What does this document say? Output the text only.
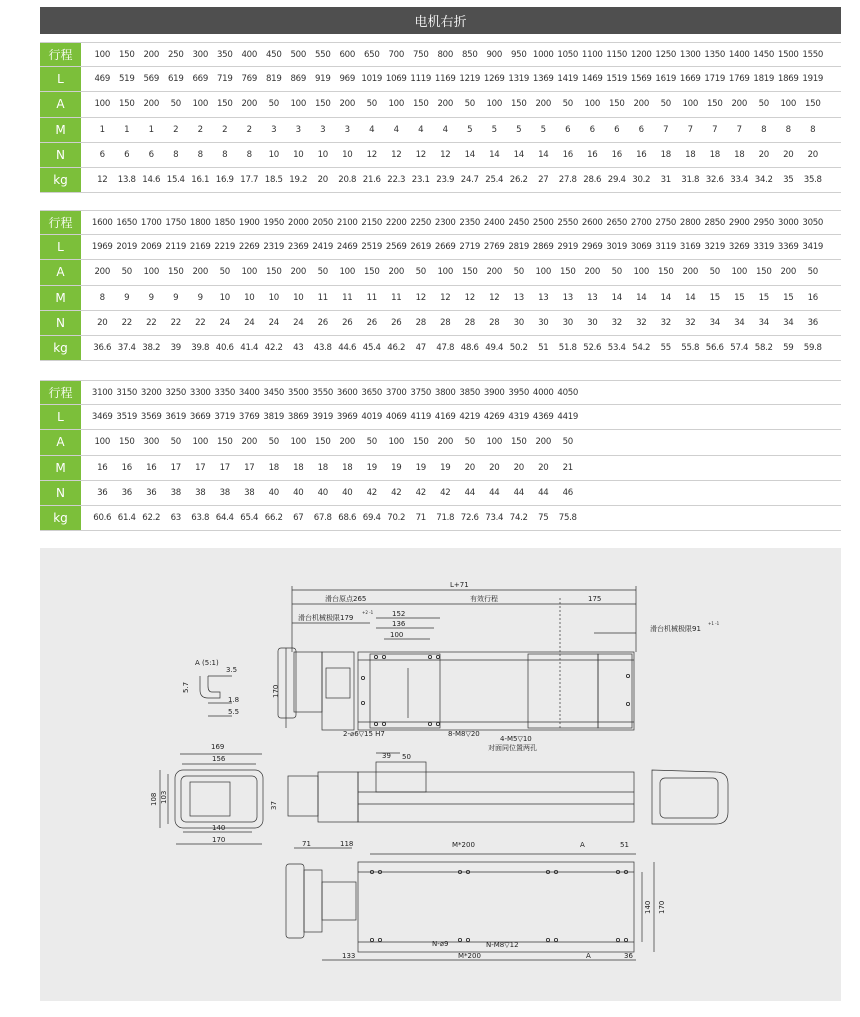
电机右折
行程	100	150	200	250	300	350	400	450	500	550	600	650	700	750	800	850	900	950 1000 1050 1100 1150 1200 1250 1300 1350 1400 1450 1500 1550
L	469	519	569	619	669	719	769	819	869	919	969 1019 1069 1119 1169 1219 1269 1319 1369 1419 1469 1519 1569 1619 1669 1719 1769 1819 1869 1919
A	100	150	200	50	100	150	200	50	100	150	200	50	100	150	200	50	100	150	200	50	100	150	200	50	100	150	200	50	100	150
M	1	1	1	2	2	2	2	3	3	3	3	4	4	4	4	5	5	5	5	6	6	6	6	7	7	7	7	8	8	8
N	6	6	6	8	8	8	8	10	10	10	10	12	12	12	12	14	14	14	14	16	16	16	16	18	18	18	18	20	20	20
kg	12	13.8 14.6 15.4 16.1 16.9 17.7 18.5 19.2	20	20.8 21.6 22.3 23.1 23.9 24.7 25.4 26.2	27	27.8 28.6 29.4 30.2	31	31.8 32.6 33.4 34.2	35	35.8
行程	1600 1650 1700 1750 1800 1850 1900 1950 2000 2050 2100 2150 2200 2250 2300 2350 2400 2450 2500 2550 2600 2650 2700 2750 2800 2850 2900 2950 3000 3050
L	1969 2019 2069 2119 2169 2219 2269 2319 2369 2419 2469 2519 2569 2619 2669 2719 2769 2819 2869 2919 2969 3019 3069 3119 3169 3219 3269 3319 3369 3419
A	200	50	100	150	200	50	100	150	200	50	100	150	200	50	100	150	200	50	100	150	200	50	100	150	200	50	100	150	200	50
M	8	9	9	9	9	10	10	10	10	11	11	11	11	12	12	12	12	13	13	13	13	14	14	14	14	15	15	15	15	16
N	20	22	22	22	22	24	24	24	24	26	26	26	26	28	28	28	28	30	30	30	30	32	32	32	32	34	34	34	34	36
kg	36.6 37.4 38.2	39	39.8 40.6 41.4 42.2	43	43.8 44.6 45.4 46.2	47	47.8 48.6 49.4 50.2	51	51.8 52.6 53.4 54.2	55	55.8 56.6 57.4 58.2	59	59.8
行程	3100 3150 3200 3250 3300 3350 3400 3450 3500 3550 3600 3650 3700 3750 3800 3850 3900 3950 4000 4050
L	3469 3519 3569 3619 3669 3719 3769 3819 3869 3919 3969 4019 4069 4119 4169 4219 4269 4319 4369 4419
A	100	150	300	50	100	150	200	50	100	150	200	50	100	150	200	50	100	150	200	50
M	16	16	16	17	17	17	17	18	18	18	18	19	19	19	19	20	20	20	20	21
N	36	36	36	38	38	38	38	40	40	40	40	42	42	42	42	44	44	44	44	46
kg	60.6 61.4 62.2	63	63.8 64.4 65.4 66.2	67	67.8 68.6 69.4 70.2	71	71.8 72.6 73.4 74.2	75	75.8
L+71
滑台原点265	有效行程	175
滑台机械极限179
+2 -1
滑台机械极限91
+1 -1
152
136
100
170
2-⌀6▽15 H7	8-M8▽20
4-M5▽10
对面同位置两孔
A (5:1)
3.5
5.7
1.8
5.5
169
156
108 103
37
140
170
39 50
71	118	M*200	A	51
140 170
N-⌀9	N-M8▽12
133	M*200	A	36
